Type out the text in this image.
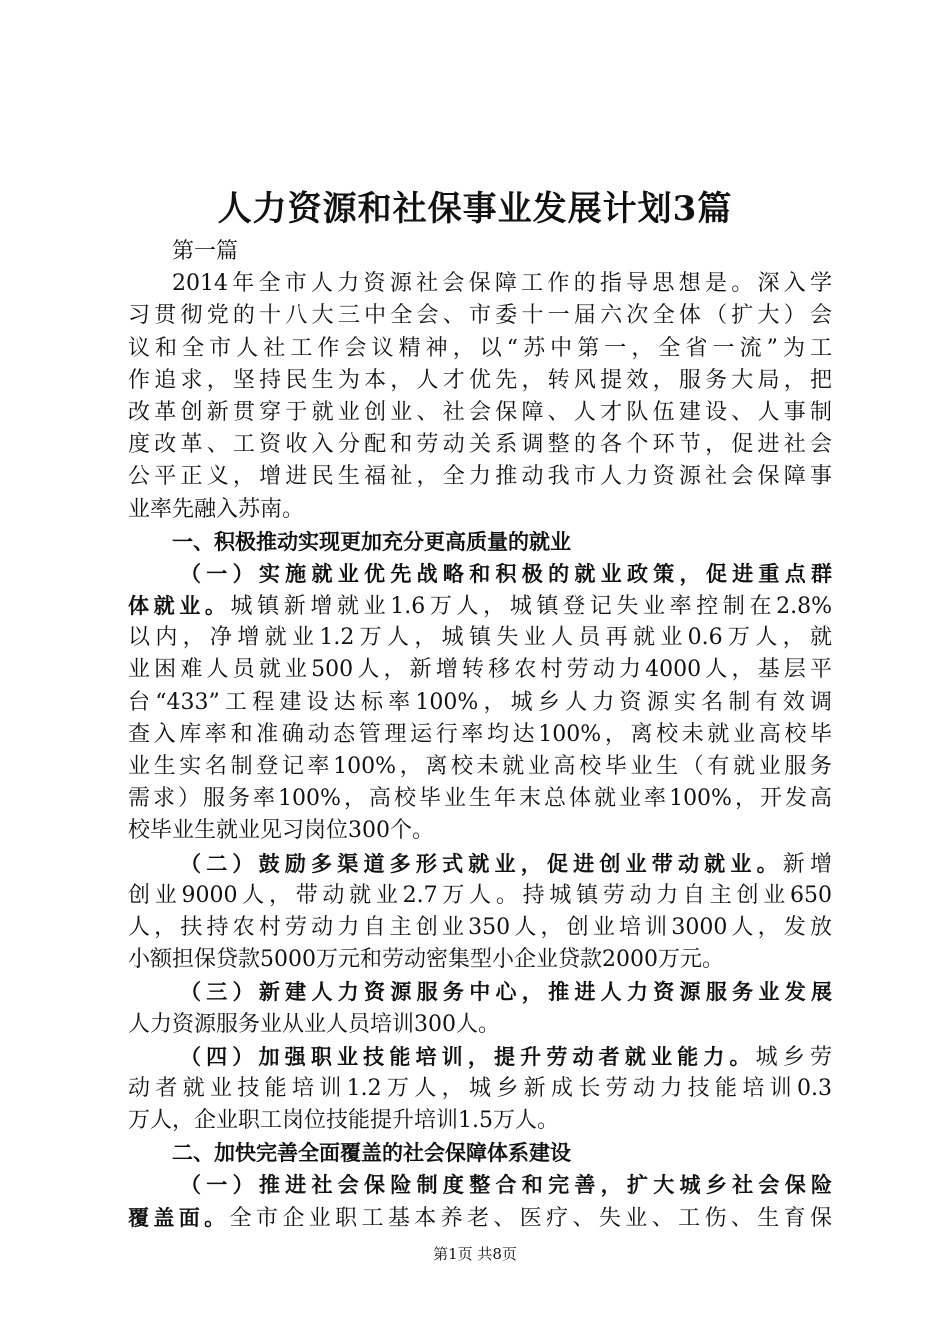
人力资源和社保事业发展计划3篇

第一篇

2014年全市人力资源社会保障工作的指导思想是。深入学

习贯彻党的十八大三中全会、市委十一届六次全体（扩大）会

议和全市人社工作会议精神，以“苏中第一，全省一流”为工

作追求，坚持民生为本，人才优先，转风提效，服务大局，把

改革创新贯穿于就业创业、社会保障、人才队伍建设、人事制

度改革、工资收入分配和劳动关系调整的各个环节，促进社会

公平正义，增进民生福祉，全力推动我市人力资源社会保障事

业率先融入苏南。

一、积极推动实现更加充分更高质量的就业

（一）实施就业优先战略和积极的就业政策，促进重点群

体就业。城镇新增就业1.6万人，城镇登记失业率控制在2.8%

以内，净增就业1.2万人，城镇失业人员再就业0.6万人，就

业困难人员就业500人，新增转移农村劳动力4000人，基层平

台“433”工程建设达标率100%，城乡人力资源实名制有效调

查入库率和准确动态管理运行率均达100%，离校未就业高校毕

业生实名制登记率100%，离校未就业高校毕业生（有就业服务

需求）服务率100%，高校毕业生年末总体就业率100%，开发高

校毕业生就业见习岗位300个。

（二）鼓励多渠道多形式就业，促进创业带动就业。新增

创业9000人，带动就业2.7万人。持城镇劳动力自主创业650

人，扶持农村劳动力自主创业350人，创业培训3000人，发放

小额担保贷款5000万元和劳动密集型小企业贷款2000万元。

（三）新建人力资源服务中心，推进人力资源服务业发展

人力资源服务业从业人员培训300人。

（四）加强职业技能培训，提升劳动者就业能力。城乡劳

动者就业技能培训1.2万人，城乡新成长劳动力技能培训0.3

万人，企业职工岗位技能提升培训1.5万人。

二、加快完善全面覆盖的社会保障体系建设

（一）推进社会保险制度整合和完善，扩大城乡社会保险

覆盖面。全市企业职工基本养老、医疗、失业、工伤、生育保

第1页 共8页
